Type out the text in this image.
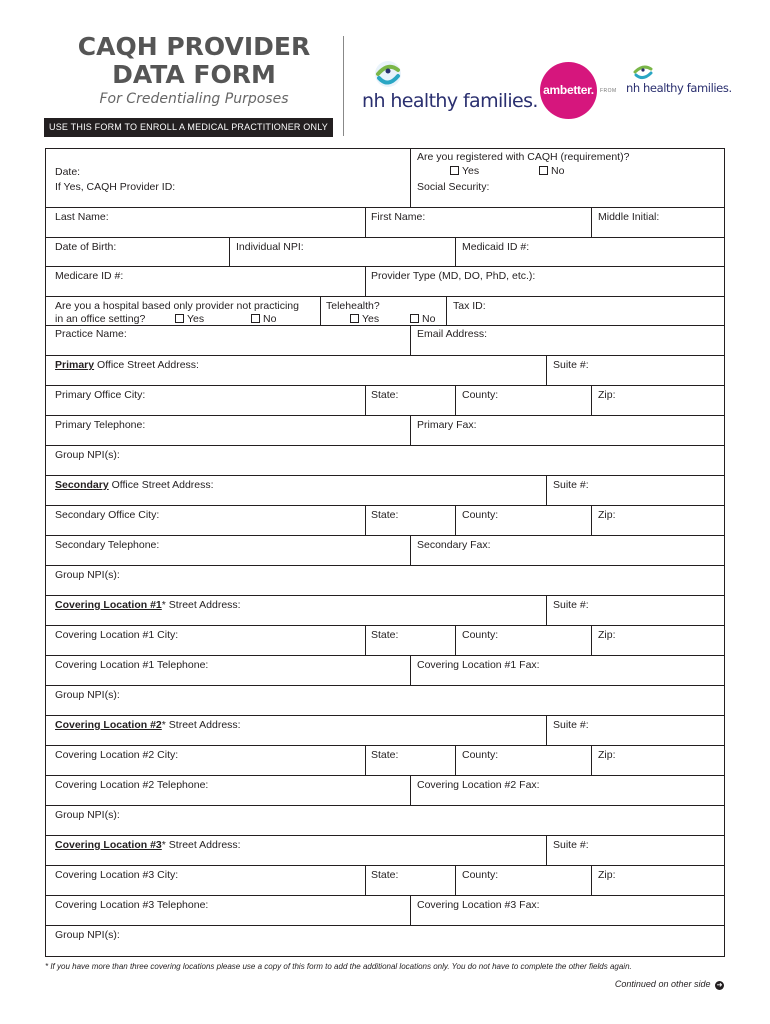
CAQH PROVIDER
DATA FORM
For Credentialing Purposes
USE THIS FORM TO ENROLL A MEDICAL PRACTITIONER ONLY
nh healthy families. ambetter.	FROM nh healthy families.
Date:
If Yes, CAQH Provider ID:
Are you registered with CAQH (requirement)?
Yes	No
Social Security:
Last Name:	First Name:	Middle Initial:
Date of Birth:	Individual NPI:	Medicaid ID #:
Medicare ID #:	Provider Type (MD, DO, PhD, etc.):
Are you a hospital based only provider not practicing
in an office setting?	Yes	No
Telehealth?
Yes	No
Tax ID:
Practice Name:	Email Address:
Primary Office Street Address:	Suite #:
Primary Office City:	State:	County:	Zip:
Primary Telephone:	Primary Fax:
Group NPI(s):
Secondary Office Street Address:	Suite #:
Secondary Office City:	State:	County:	Zip:
Secondary Telephone:	Secondary Fax:
Group NPI(s):
Covering Location #1* Street Address:	Suite #:
Covering Location #1 City:	State:	County:	Zip:
Covering Location #1 Telephone:	Covering Location #1 Fax:
Group NPI(s):
Covering Location #2* Street Address:	Suite #:
Covering Location #2 City:	State:	County:	Zip:
Covering Location #2 Telephone:	Covering Location #2 Fax:
Group NPI(s):
Covering Location #3* Street Address:	Suite #:
Covering Location #3 City:	State:	County:	Zip:
Covering Location #3 Telephone:	Covering Location #3 Fax:
Group NPI(s):
* If you have more than three covering locations please use a copy of this form to add the additional locations only. You do not have to complete the other fields again.
Continued on other side ➜
